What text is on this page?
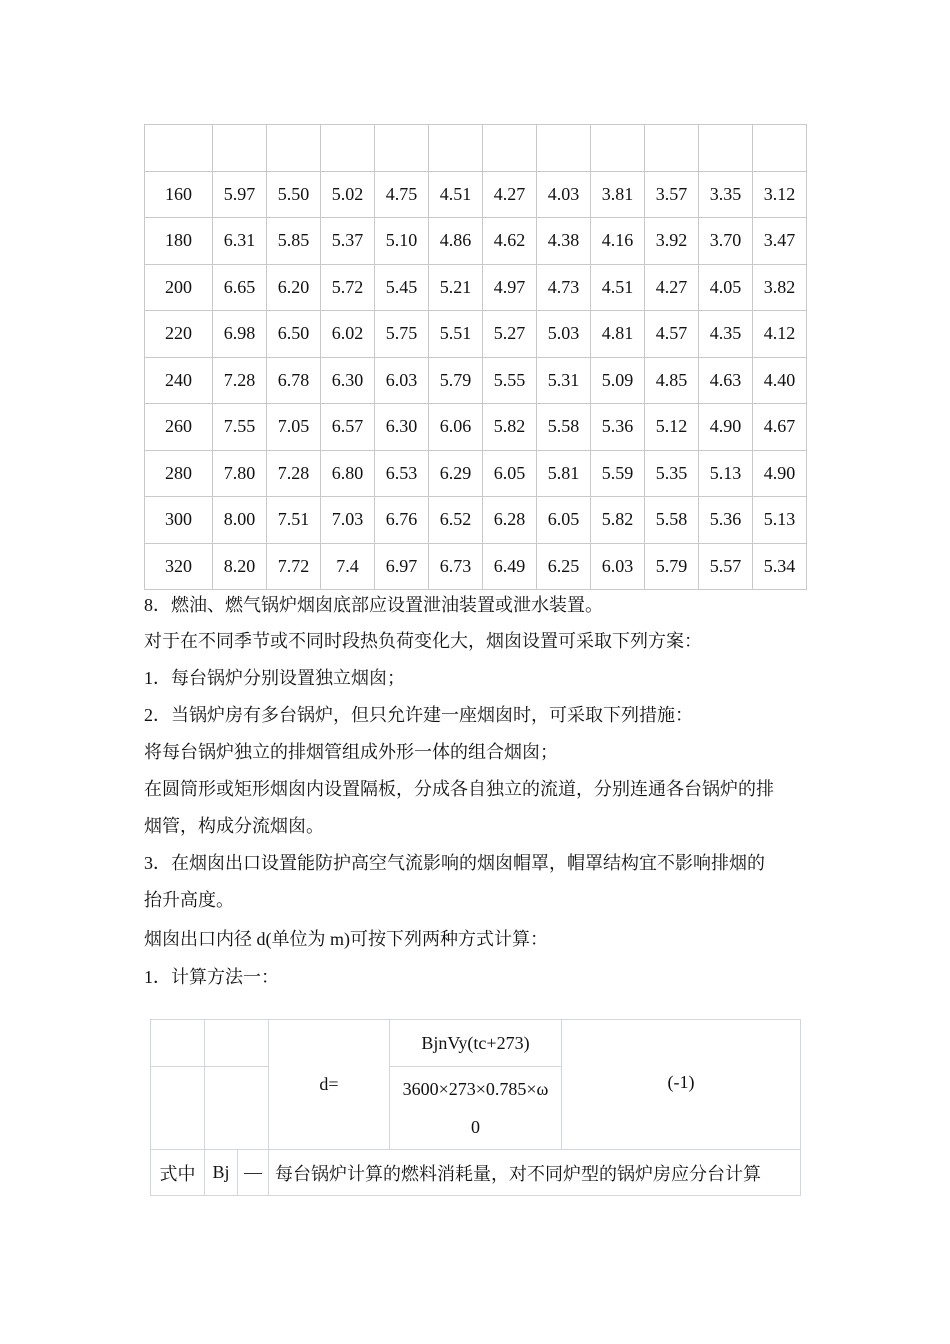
160	5.97	5.50	5.02	4.75	4.51	4.27	4.03	3.81	3.57	3.35	3.12
180	6.31	5.85	5.37	5.10	4.86	4.62	4.38	4.16	3.92	3.70	3.47
200	6.65	6.20	5.72	5.45	5.21	4.97	4.73	4.51	4.27	4.05	3.82
220	6.98	6.50	6.02	5.75	5.51	5.27	5.03	4.81	4.57	4.35	4.12
240	7.28	6.78	6.30	6.03	5.79	5.55	5.31	5.09	4.85	4.63	4.40
260	7.55	7.05	6.57	6.30	6.06	5.82	5.58	5.36	5.12	4.90	4.67
280	7.80	7.28	6.80	6.53	6.29	6.05	5.81	5.59	5.35	5.13	4.90
300	8.00	7.51	7.03	6.76	6.52	6.28	6.05	5.82	5.58	5.36	5.13
320	8.20	7.72	7.4	6.97	6.73	6.49	6.25	6.03	5.79	5.57	5.34
8．燃油、燃气锅炉烟囱底部应设置泄油装置或泄水装置。
对于在不同季节或不同时段热负荷变化大，烟囱设置可采取下列方案：
1．每台锅炉分别设置独立烟囱；
2．当锅炉房有多台锅炉，但只允许建一座烟囱时，可采取下列措施：
将每台锅炉独立的排烟管组成外形一体的组合烟囱；
在圆筒形或矩形烟囱内设置隔板，分成各自独立的流道，分别连通各台锅炉的排
烟管，构成分流烟囱。
3．在烟囱出口设置能防护高空气流影响的烟囱帽罩，帽罩结构宜不影响排烟的
抬升高度。
烟囱出口内径 d(单位为 m)可按下列两种方式计算：
1．计算方法一：
			d=	BjnVy(tc+273)	(-1)

				3600×273×0.785×ω
0	

式中	Bj	—	每台锅炉计算的燃料消耗量，对不同炉型的锅炉房应分台计算		
